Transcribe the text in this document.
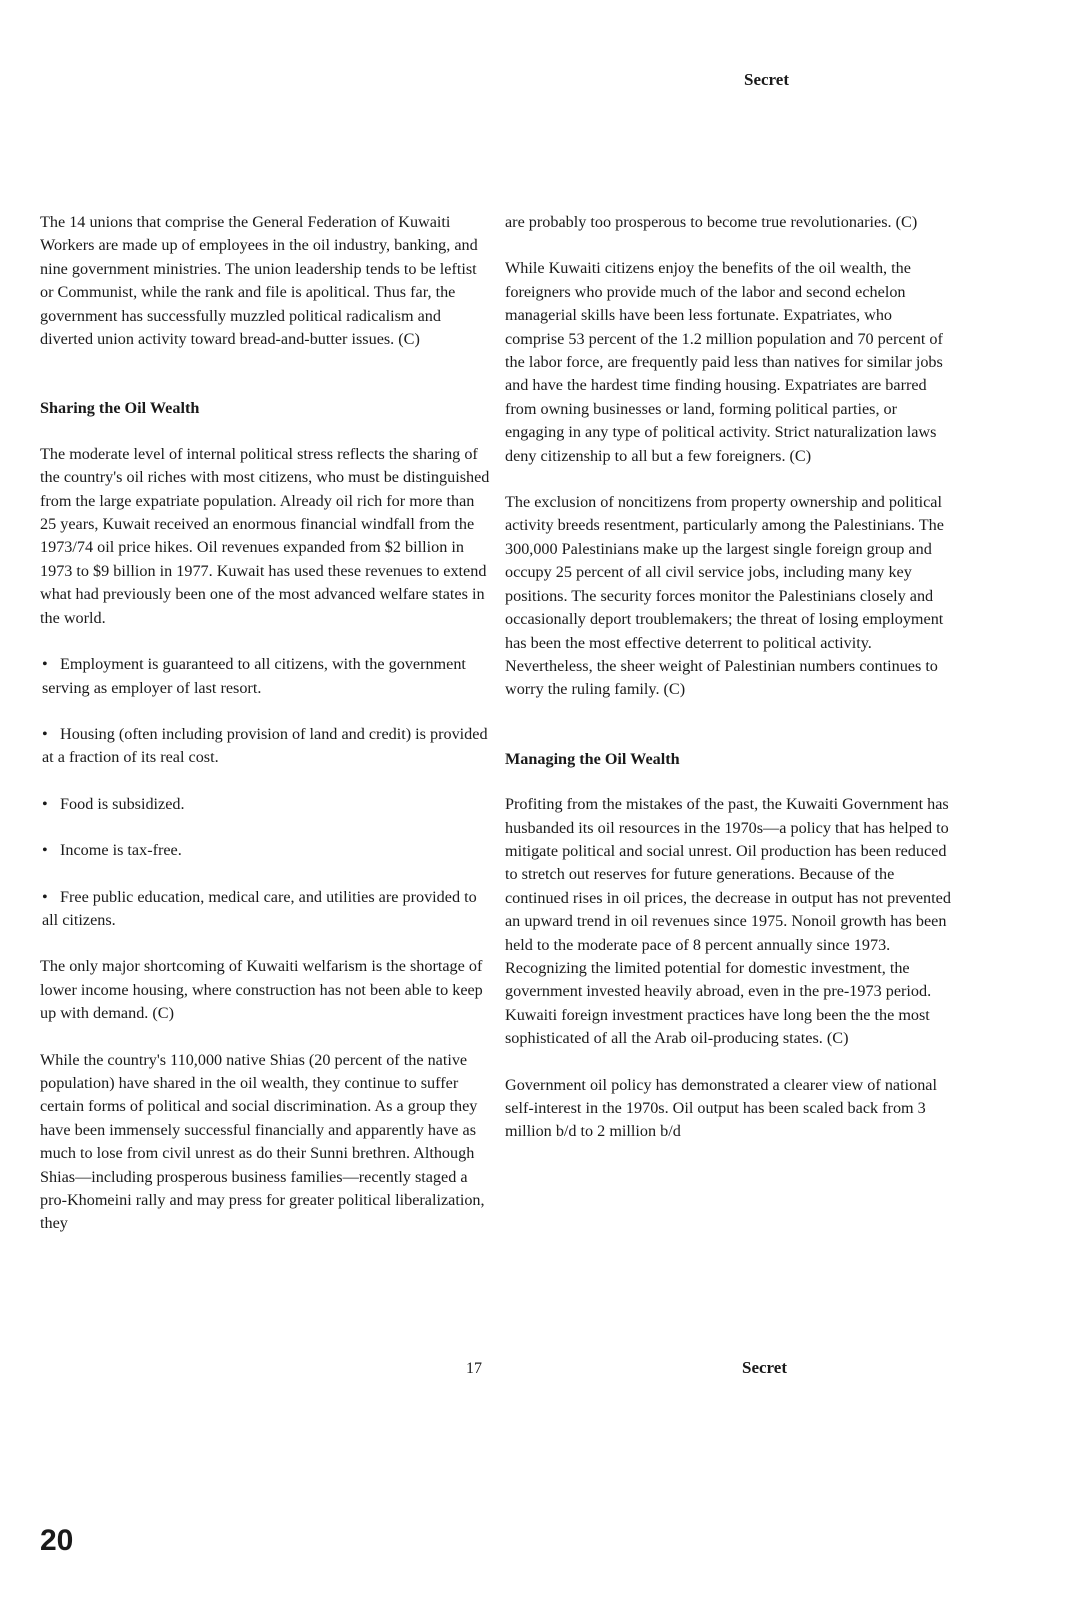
Secret

The 14 unions that comprise the General Federation of Kuwaiti Workers are made up of employees in the oil industry, banking, and nine government ministries. The union leadership tends to be leftist or Communist, while the rank and file is apolitical. Thus far, the government has successfully muzzled political radicalism and diverted union activity toward bread-and-butter issues. (C)

Sharing the Oil Wealth

The moderate level of internal political stress reflects the sharing of the country's oil riches with most citizens, who must be distinguished from the large expatriate population. Already oil rich for more than 25 years, Kuwait received an enormous financial windfall from the 1973/74 oil price hikes. Oil revenues expanded from $2 billion in 1973 to $9 billion in 1977. Kuwait has used these revenues to extend what had previously been one of the most advanced welfare states in the world.

• Employment is guaranteed to all citizens, with the government serving as employer of last resort.

• Housing (often including provision of land and credit) is provided at a fraction of its real cost.

• Food is subsidized.

• Income is tax-free.

• Free public education, medical care, and utilities are provided to all citizens.

The only major shortcoming of Kuwaiti welfarism is the shortage of lower income housing, where construction has not been able to keep up with demand. (C)

While the country's 110,000 native Shias (20 percent of the native population) have shared in the oil wealth, they continue to suffer certain forms of political and social discrimination. As a group they have been immensely successful financially and apparently have as much to lose from civil unrest as do their Sunni brethren. Although Shias—including prosperous business families—recently staged a pro-Khomeini rally and may press for greater political liberalization, they

are probably too prosperous to become true revolutionaries. (C)

While Kuwaiti citizens enjoy the benefits of the oil wealth, the foreigners who provide much of the labor and second echelon managerial skills have been less fortunate. Expatriates, who comprise 53 percent of the 1.2 million population and 70 percent of the labor force, are frequently paid less than natives for similar jobs and have the hardest time finding housing. Expatriates are barred from owning businesses or land, forming political parties, or engaging in any type of political activity. Strict naturalization laws deny citizenship to all but a few foreigners. (C)

The exclusion of noncitizens from property ownership and political activity breeds resentment, particularly among the Palestinians. The 300,000 Palestinians make up the largest single foreign group and occupy 25 percent of all civil service jobs, including many key positions. The security forces monitor the Palestinians closely and occasionally deport troublemakers; the threat of losing employment has been the most effective deterrent to political activity. Nevertheless, the sheer weight of Palestinian numbers continues to worry the ruling family. (C)

Managing the Oil Wealth

Profiting from the mistakes of the past, the Kuwaiti Government has husbanded its oil resources in the 1970s—a policy that has helped to mitigate political and social unrest. Oil production has been reduced to stretch out reserves for future generations. Because of the continued rises in oil prices, the decrease in output has not prevented an upward trend in oil revenues since 1975. Nonoil growth has been held to the moderate pace of 8 percent annually since 1973. Recognizing the limited potential for domestic investment, the government invested heavily abroad, even in the pre-1973 period. Kuwaiti foreign investment practices have long been the the most sophisticated of all the Arab oil-producing states. (C)

Government oil policy has demonstrated a clearer view of national self-interest in the 1970s. Oil output has been scaled back from 3 million b/d to 2 million b/d

17	Secret
20
